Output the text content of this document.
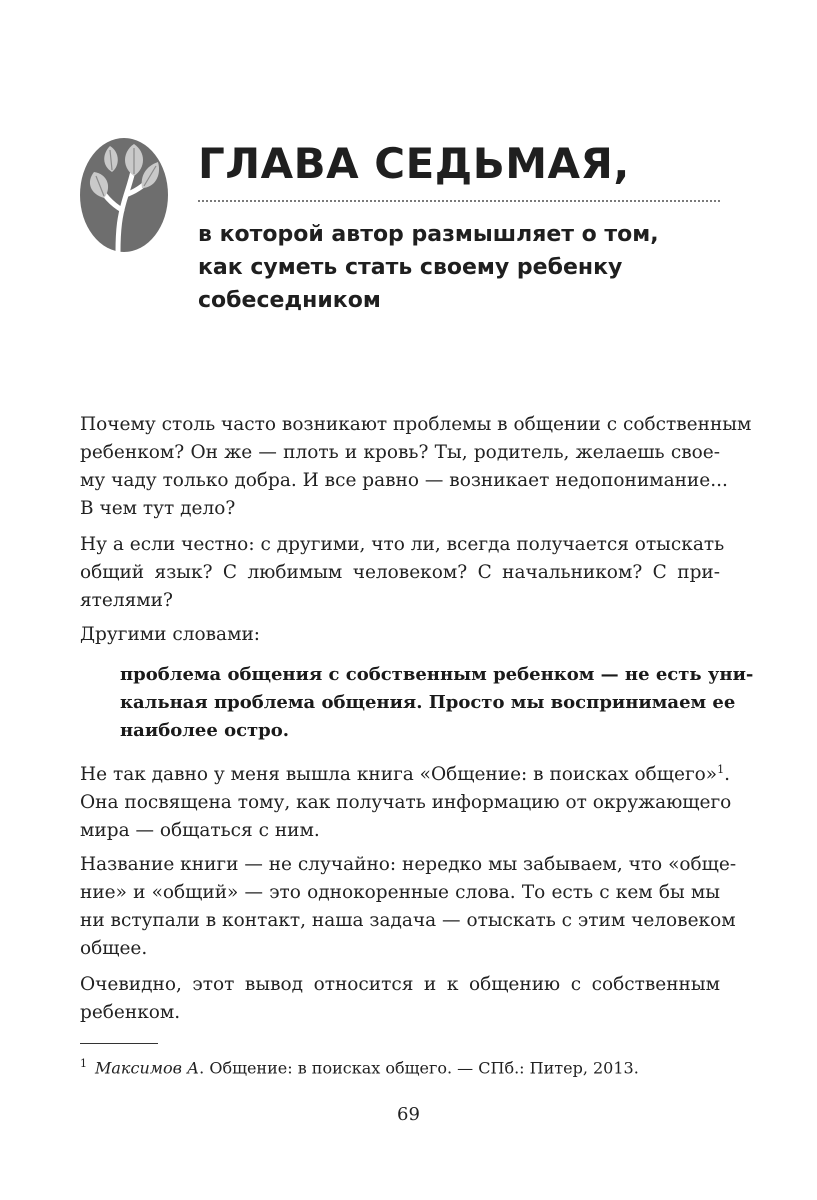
ГЛАВА СЕДЬМАЯ,
в которой автор размышляет о том,
как суметь стать своему ребенку
собеседником
Почему столь часто возникают проблемы в общении с собственным
ребенком? Он же — плоть и кровь? Ты, родитель, желаешь свое-
му чаду только добра. И все равно — возникает недопонимание...
В чем тут дело?
Ну а если честно: с другими, что ли, всегда получается отыскать
общий язык? С любимым человеком? С начальником? С при-
ятелями?
Другими словами:
проблема общения с собственным ребенком — не есть уни-
кальная проблема общения. Просто мы воспринимаем ее
наиболее остро.
Не так давно у меня вышла книга «Общение: в поисках общего»$^1$.
Она посвящена тому, как получать информацию от окружающего
мира — общаться с ним.
Название книги — не случайно: нередко мы забываем, что «обще-
ние» и «общий» — это однокоренные слова. То есть с кем бы мы
ни вступали в контакт, наша задача — отыскать с этим человеком
общее.
Очевидно, этот вывод относится и к общению с собственным
ребенком.
$^1$ Максимов А. Общение: в поисках общего. — СПб.: Питер, 2013.
69
